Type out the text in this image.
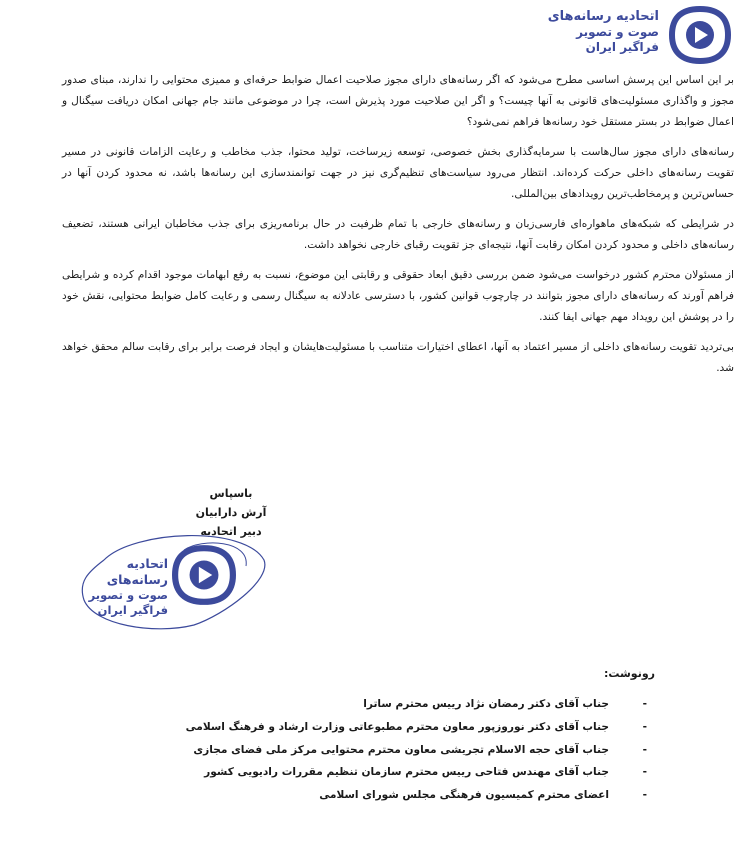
اتحادیه رسانه‌های
صوت و تصویر
فراگیر ایران

بر این اساس این پرسش اساسی مطرح می‌شود که اگر رسانه‌های دارای مجوز صلاحیت اعمال ضوابط حرفه‌ای و ممیزی محتوایی را ندارند، مبنای صدور مجوز و واگذاری مسئولیت‌های قانونی به آنها چیست؟ و اگر این صلاحیت مورد پذیرش است، چرا در موضوعی مانند جام جهانی امکان دریافت سیگنال و اعمال ضوابط در بستر مستقل خود رسانه‌ها فراهم نمی‌شود؟

رسانه‌های دارای مجوز سال‌هاست با سرمایه‌گذاری بخش خصوصی، توسعه زیرساخت، تولید محتوا، جذب مخاطب و رعایت الزامات قانونی در مسیر تقویت رسانه‌های داخلی حرکت کرده‌اند. انتظار می‌رود سیاست‌های تنظیم‌گری نیز در جهت توانمندسازی این رسانه‌ها باشد، نه محدود کردن آنها در حساس‌ترین و پرمخاطب‌ترین رویدادهای بین‌المللی.

در شرایطی که شبکه‌های ماهواره‌ای فارسی‌زبان و رسانه‌های خارجی با تمام ظرفیت در حال برنامه‌ریزی برای جذب مخاطبان ایرانی هستند، تضعیف رسانه‌های داخلی و محدود کردن امکان رقابت آنها، نتیجه‌ای جز تقویت رقبای خارجی نخواهد داشت.

از مسئولان محترم کشور درخواست می‌شود ضمن بررسی دقیق ابعاد حقوقی و رقابتی این موضوع، نسبت به رفع ابهامات موجود اقدام کرده و شرایطی فراهم آورند که رسانه‌های دارای مجوز بتوانند در چارچوب قوانین کشور، با دسترسی عادلانه به سیگنال رسمی و رعایت کامل ضوابط محتوایی، نقش خود را در پوشش این رویداد مهم جهانی ایفا کنند.

بی‌تردید تقویت رسانه‌های داخلی از مسیر اعتماد به آنها، اعطای اختیارات متناسب با مسئولیت‌هایشان و ایجاد فرصت برابر برای رقابت سالم محقق خواهد شد.

باسپاس
آرش دارابیان
دبیر اتحادیه
اتحادیه رسانه‌های
صوت و تصویر
فراگیر ایران
رونوشت:
-
جناب آقای دکتر رمضان نژاد رییس محترم ساترا
-
جناب آقای دکتر نوروزپور معاون محترم مطبوعاتی وزارت ارشاد و فرهنگ اسلامی
-
جناب آقای حجه الاسلام تجریشی معاون محترم محتوایی مرکز ملی فضای مجازی
-
جناب آقای مهندس فتاحی رییس محترم سازمان تنظیم مقررات رادیویی کشور
-
اعضای محترم کمیسیون فرهنگی مجلس شورای اسلامی
